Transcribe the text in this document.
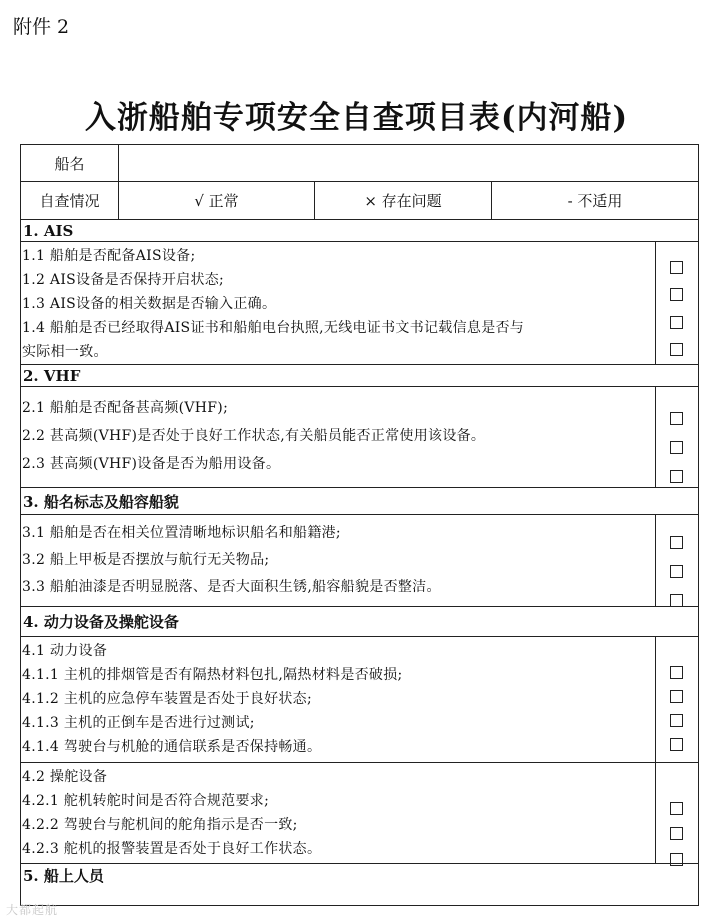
附件 2
入浙船舶专项安全自查项目表(内河船)
船名
自查情况	√ 正常	× 存在问题	- 不适用
1. AIS
1.1 船舶是否配备AIS设备;
1.2 AIS设备是否保持开启状态;
1.3 AIS设备的相关数据是否输入正确。
1.4 船舶是否已经取得AIS证书和船舶电台执照,无线电证书文书记载信息是否与
实际相一致。
2. VHF
2.1 船舶是否配备甚高频(VHF);
2.2 甚高频(VHF)是否处于良好工作状态,有关船员能否正常使用该设备。
2.3 甚高频(VHF)设备是否为船用设备。
3. 船名标志及船容船貌
3.1 船舶是否在相关位置清晰地标识船名和船籍港;
3.2 船上甲板是否摆放与航行无关物品;
3.3 船舶油漆是否明显脱落、是否大面积生锈,船容船貌是否整洁。
4. 动力设备及操舵设备
4.1 动力设备
4.1.1 主机的排烟管是否有隔热材料包扎,隔热材料是否破损;
4.1.2 主机的应急停车装置是否处于良好状态;
4.1.3 主机的正倒车是否进行过测试;
4.1.4 驾驶台与机舱的通信联系是否保持畅通。
4.2 操舵设备
4.2.1 舵机转舵时间是否符合规范要求;
4.2.2 驾驶台与舵机间的舵角指示是否一致;
4.2.3 舵机的报警装置是否处于良好工作状态。
5. 船上人员
大都起航
